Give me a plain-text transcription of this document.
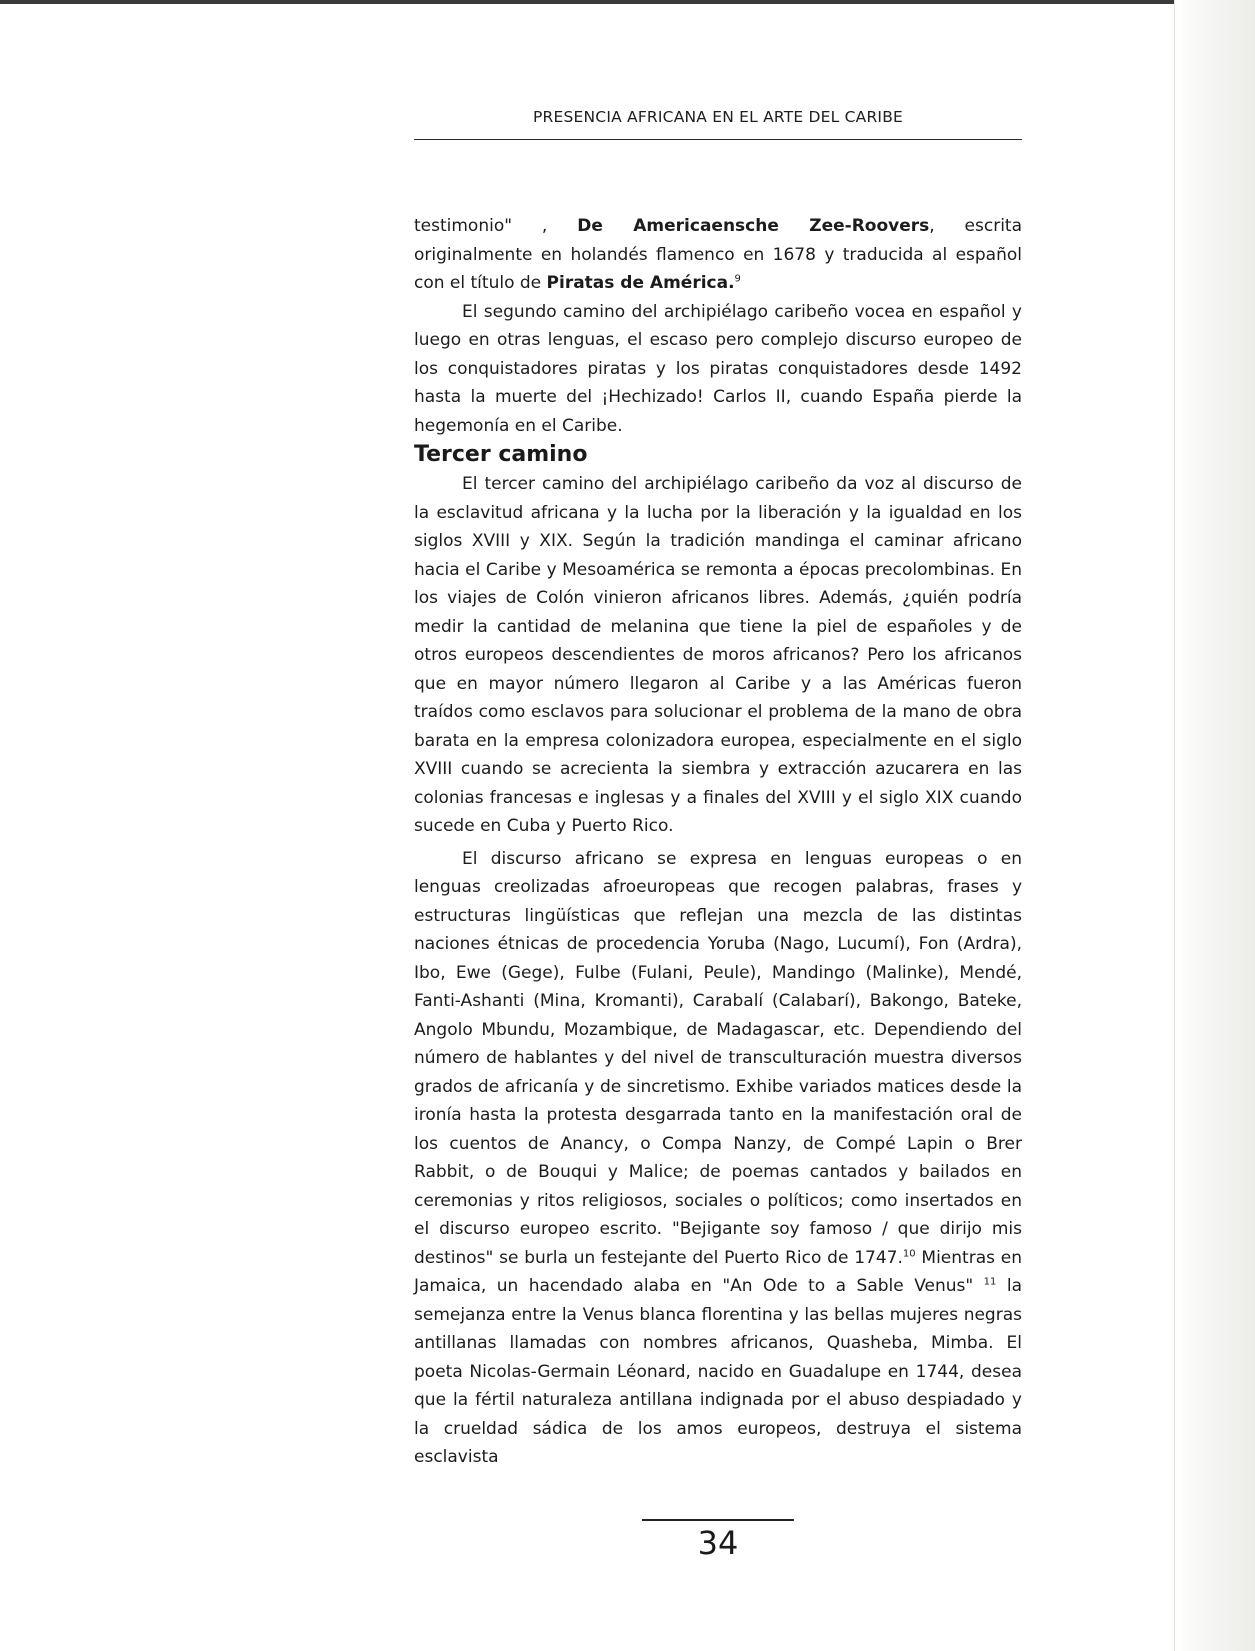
PRESENCIA AFRICANA EN EL ARTE DEL CARIBE

testimonio" , De Americaensche Zee-Roovers, escrita originalmente en holandés flamenco en 1678 y traducida al español con el título de Piratas de América.$^9$

El segundo camino del archipiélago caribeño vocea en español y luego en otras lenguas, el escaso pero complejo discurso europeo de los conquistadores piratas y los piratas conquistadores desde 1492 hasta la muerte del ¡Hechizado! Carlos II, cuando España pierde la hegemonía en el Caribe.

Tercer camino

El tercer camino del archipiélago caribeño da voz al discurso de la esclavitud africana y la lucha por la liberación y la igualdad en los siglos XVIII y XIX. Según la tradición mandinga el caminar africano hacia el Caribe y Mesoamérica se remonta a épocas precolombinas. En los viajes de Colón vinieron africanos libres. Además, ¿quién podría medir la cantidad de melanina que tiene la piel de españoles y de otros europeos descendientes de moros africanos? Pero los africanos que en mayor número llegaron al Caribe y a las Américas fueron traídos como esclavos para solucionar el problema de la mano de obra barata en la empresa colonizadora europea, especialmente en el siglo XVIII cuando se acrecienta la siembra y extracción azucarera en las colonias francesas e inglesas y a finales del XVIII y el siglo XIX cuando sucede en Cuba y Puerto Rico.

El discurso africano se expresa en lenguas europeas o en lenguas creolizadas afroeuropeas que recogen palabras, frases y estructuras lingüísticas que reflejan una mezcla de las distintas naciones étnicas de procedencia Yoruba (Nago, Lucumí), Fon (Ardra), Ibo, Ewe (Gege), Fulbe (Fulani, Peule), Mandingo (Malinke), Mendé, Fanti-Ashanti (Mina, Kromanti), Carabalí (Calabarí), Bakongo, Bateke, Angolo Mbundu, Mozambique, de Madagascar, etc. Dependiendo del número de hablantes y del nivel de transculturación muestra diversos grados de africanía y de sincretismo. Exhibe variados matices desde la ironía hasta la protesta desgarrada tanto en la manifestación oral de los cuentos de Anancy, o Compa Nanzy, de Compé Lapin o Brer Rabbit, o de Bouqui y Malice; de poemas cantados y bailados en ceremonias y ritos religiosos, sociales o políticos; como insertados en el discurso europeo escrito. "Bejigante soy famoso / que dirijo mis destinos" se burla un festejante del Puerto Rico de 1747.10 Mientras en Jamaica, un hacendado alaba en "An Ode to a Sable Venus" $^{11}$ la semejanza entre la Venus blanca florentina y las bellas mujeres negras antillanas llamadas con nombres africanos, Quasheba, Mimba. El poeta Nicolas-Germain Léonard, nacido en Guadalupe en 1744, desea que la fértil naturaleza antillana indignada por el abuso despiadado y la crueldad sádica de los amos europeos, destruya el sistema esclavista

34
